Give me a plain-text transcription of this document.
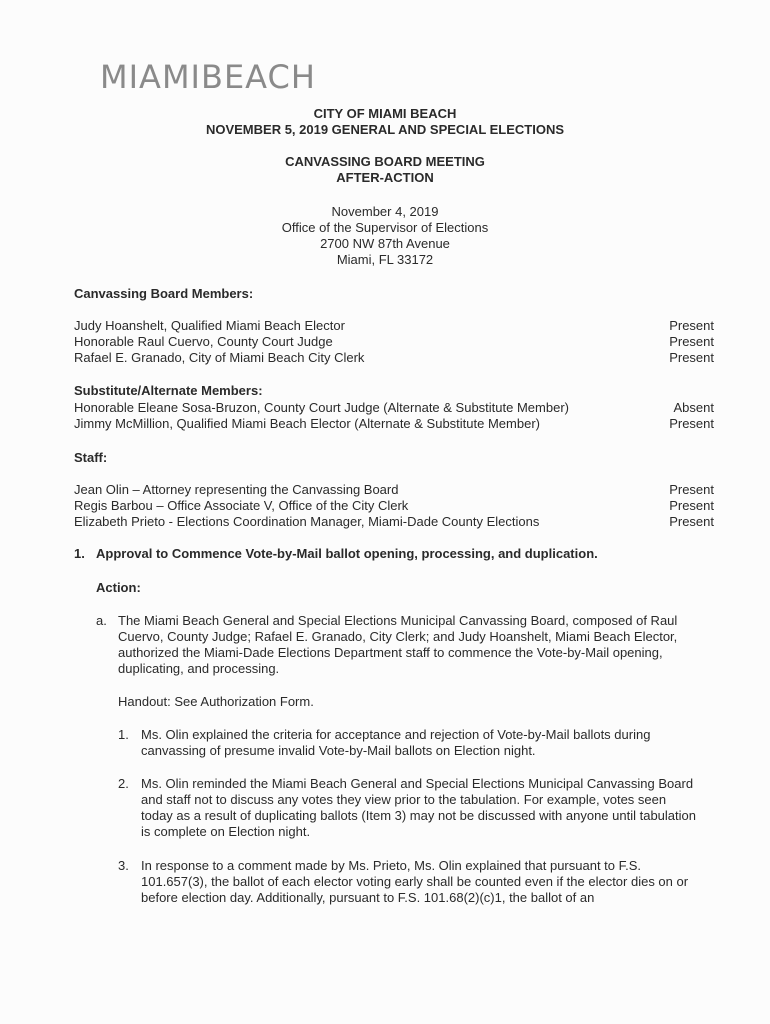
MIAMIBEACH
CITY OF MIAMI BEACH
NOVEMBER 5, 2019 GENERAL AND SPECIAL ELECTIONS
CANVASSING BOARD MEETING
AFTER-ACTION
November 4, 2019
Office of the Supervisor of Elections
2700 NW 87th Avenue
Miami, FL 33172
Canvassing Board Members:
Judy Hoanshelt, Qualified Miami Beach Elector	Present
Honorable Raul Cuervo, County Court Judge	Present
Rafael E. Granado, City of Miami Beach City Clerk	Present
Substitute/Alternate Members:
Honorable Eleane Sosa-Bruzon, County Court Judge (Alternate & Substitute Member)	Absent
Jimmy McMillion, Qualified Miami Beach Elector (Alternate & Substitute Member)	Present
Staff:
Jean Olin – Attorney representing the Canvassing Board	Present
Regis Barbou – Office Associate V, Office of the City Clerk	Present
Elizabeth Prieto - Elections Coordination Manager, Miami-Dade County Elections	Present
1. Approval to Commence Vote-by-Mail ballot opening, processing, and duplication.
Action:
a. The Miami Beach General and Special Elections Municipal Canvassing Board, composed of Raul Cuervo, County Judge; Rafael E. Granado, City Clerk; and Judy Hoanshelt, Miami Beach Elector, authorized the Miami-Dade Elections Department staff to commence the Vote-by-Mail opening, duplicating, and processing.
Handout: See Authorization Form.
1. Ms. Olin explained the criteria for acceptance and rejection of Vote-by-Mail ballots during canvassing of presume invalid Vote-by-Mail ballots on Election night.
2. Ms. Olin reminded the Miami Beach General and Special Elections Municipal Canvassing Board and staff not to discuss any votes they view prior to the tabulation. For example, votes seen today as a result of duplicating ballots (Item 3) may not be discussed with anyone until tabulation is complete on Election night.
3. In response to a comment made by Ms. Prieto, Ms. Olin explained that pursuant to F.S. 101.657(3), the ballot of each elector voting early shall be counted even if the elector dies on or before election day. Additionally, pursuant to F.S. 101.68(2)(c)1, the ballot of an
